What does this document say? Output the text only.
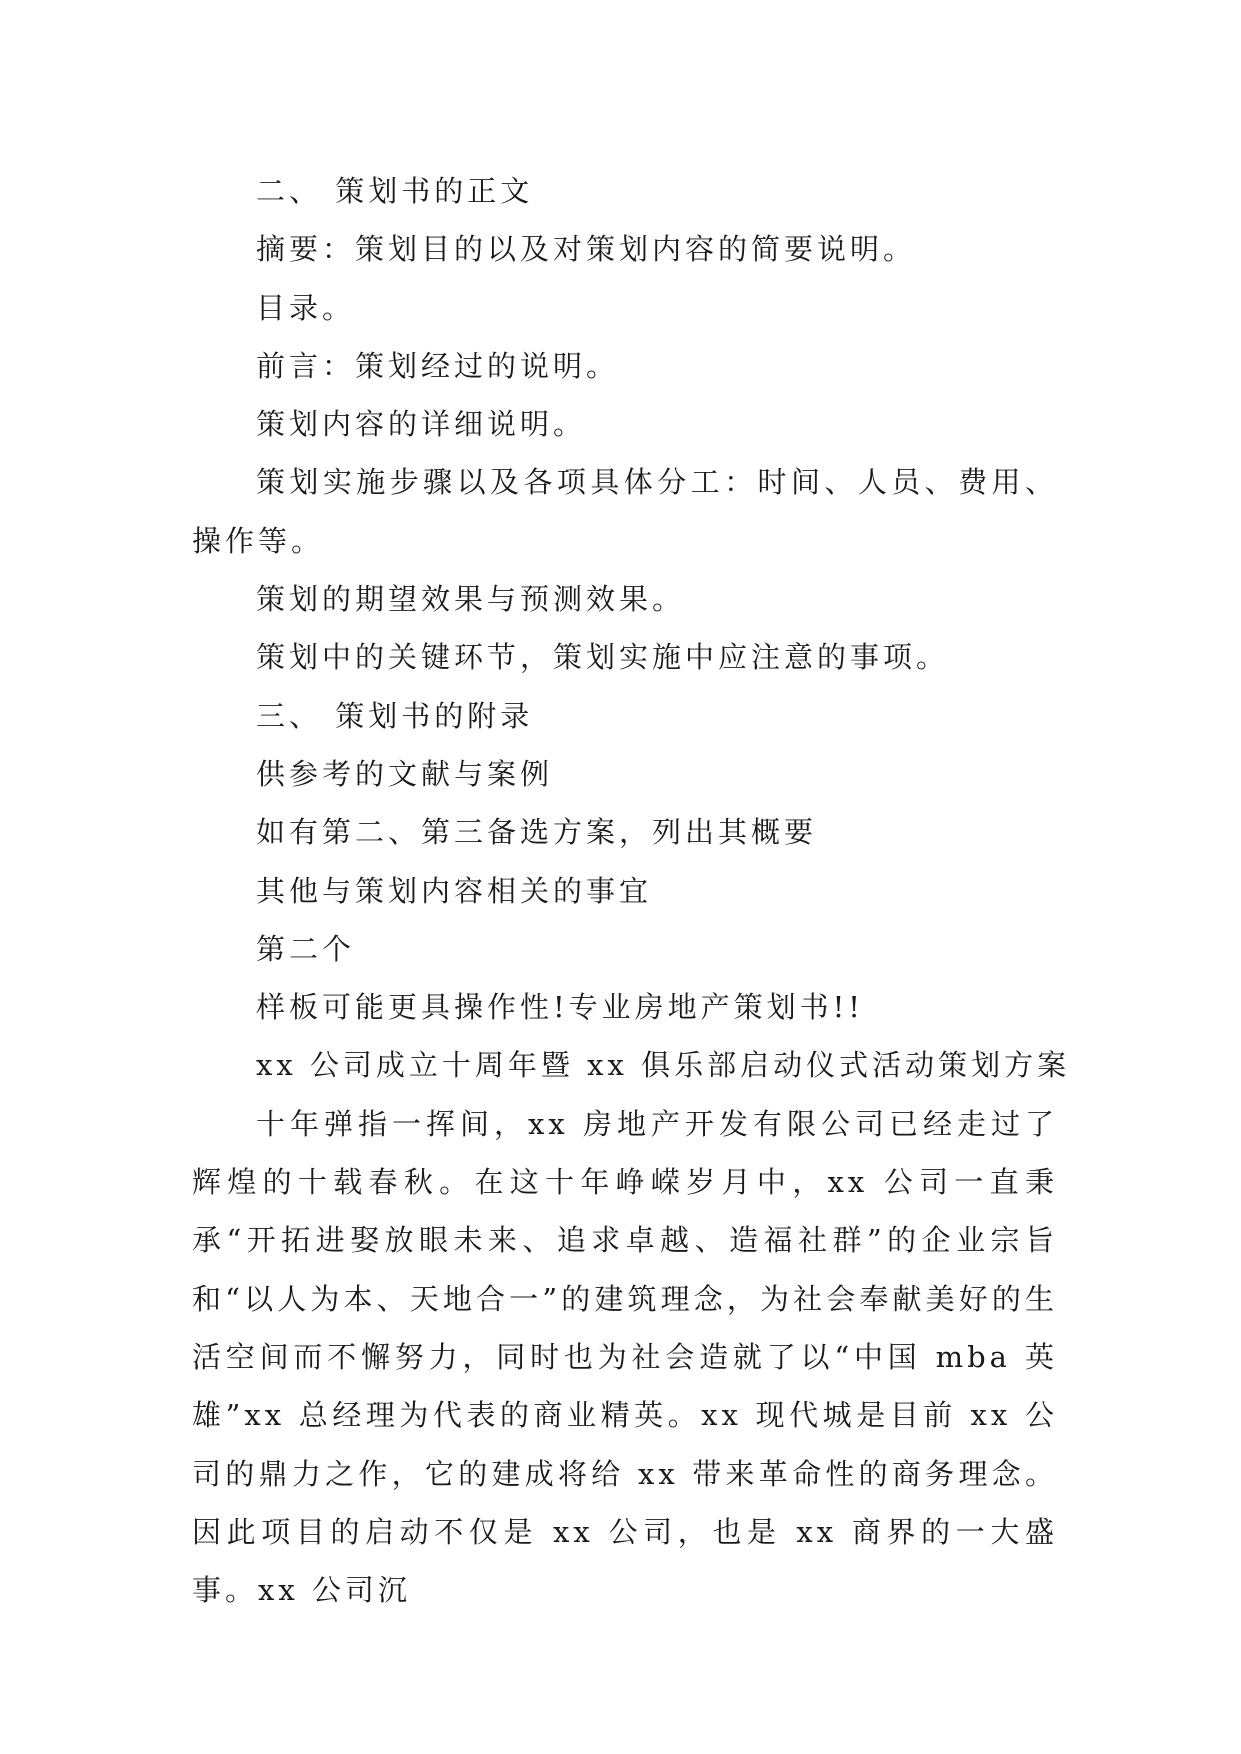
二、 策划书的正文
摘要：策划目的以及对策划内容的简要说明。
目录。
前言：策划经过的说明。
策划内容的详细说明。
策划实施步骤以及各项具体分工：时间、人员、费用、操作等。
策划的期望效果与预测效果。
策划中的关键环节，策划实施中应注意的事项。
三、 策划书的附录
供参考的文献与案例
如有第二、第三备选方案，列出其概要
其他与策划内容相关的事宜
第二个
样板可能更具操作性!专业房地产策划书!!
xx 公司成立十周年暨 xx 俱乐部启动仪式活动策划方案
十年弹指一挥间，xx 房地产开发有限公司已经走过了辉煌的十载春秋。在这十年峥嵘岁月中，xx 公司一直秉承“开拓进娶放眼未来、追求卓越、造福社群”的企业宗旨和“以人为本、天地合一”的建筑理念，为社会奉献美好的生活空间而不懈努力，同时也为社会造就了以“中国 mba 英雄”xx 总经理为代表的商业精英。xx 现代城是目前 xx 公司的鼎力之作，它的建成将给 xx 带来革命性的商务理念。因此项目的启动不仅是 xx 公司，也是 xx 商界的一大盛事。xx 公司沉
